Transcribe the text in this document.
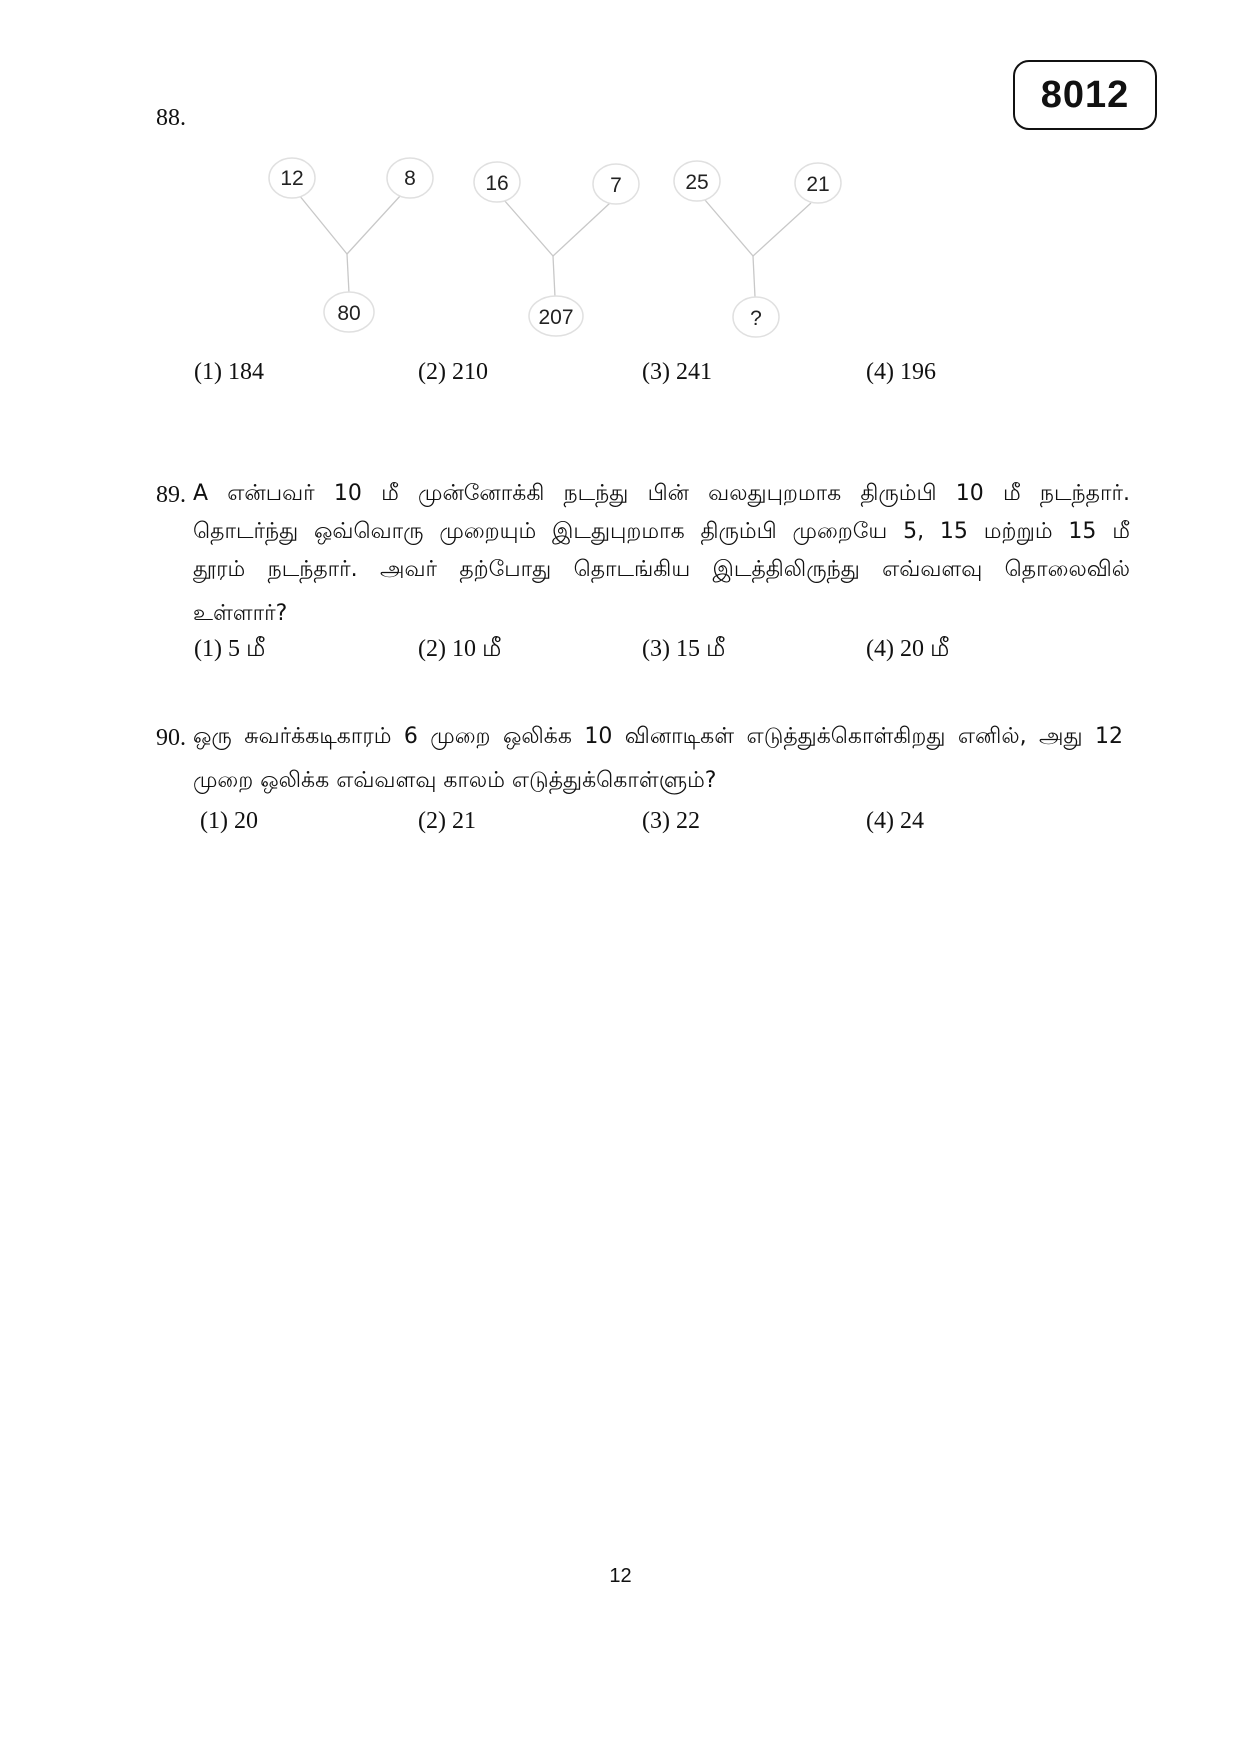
8012
88.
12	8
80
16	7
207
25	21
?
(1) 184	(2) 210	(3) 241	(4) 196
89. A என்பவர் 10 மீ முன்னோக்கி நடந்து பின் வலதுபுறமாக திரும்பி 10 மீ நடந்தார்.
தொடர்ந்து ஒவ்வொரு முறையும் இடதுபுறமாக திரும்பி முறையே 5, 15 மற்றும் 15 மீ
தூரம் நடந்தார். அவர் தற்போது தொடங்கிய இடத்திலிருந்து எவ்வளவு தொலைவில்
உள்ளார்?
(1) 5 மீ	(2) 10 மீ	(3) 15 மீ	(4) 20 மீ
90. ஒரு சுவர்க்கடிகாரம் 6 முறை ஒலிக்க 10 வினாடிகள் எடுத்துக்கொள்கிறது எனில், அது 12
முறை ஒலிக்க எவ்வளவு காலம் எடுத்துக்கொள்ளும்?
(1) 20	(2) 21	(3) 22	(4) 24
12
